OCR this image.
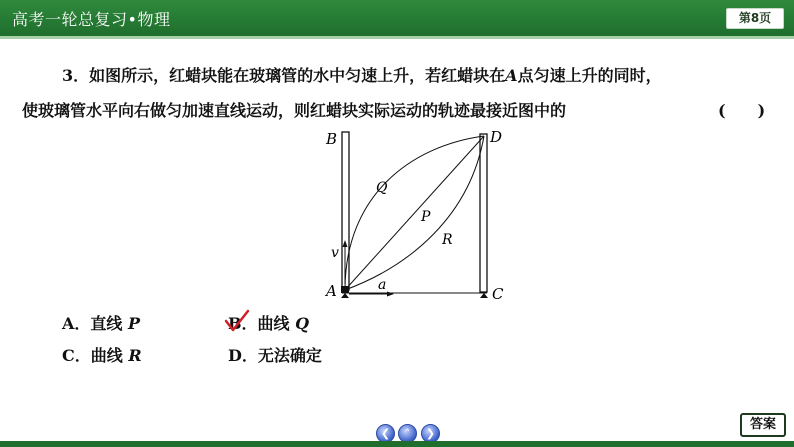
高考一轮总复习•物理	第8页
3．如图所示，红蜡块能在玻璃管的水中匀速上升，若红蜡块在A点匀速上升的同时，
使玻璃管水平向右做匀加速直线运动，则红蜡块实际运动的轨迹最接近图中的	(　　)
B	D
A	C
Q
P
R
v
a
A．直线 P	B．曲线 Q
C．曲线 R	D．无法确定
❮	˄	❯
答案
